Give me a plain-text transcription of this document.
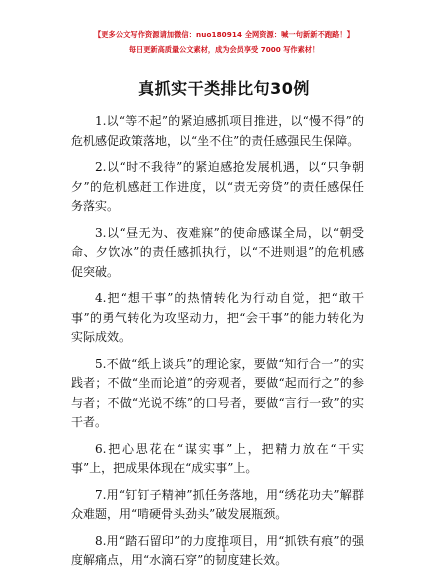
【更多公文写作资源请加微信：nuo180914 全网资源：喊一句新新不跑路！】
每日更新高质量公文素材，成为会员享受 7000 写作素材！
真抓实干类排比句30例

1.以“等不起”的紧迫感抓项目推进，以“慢不得”的危机感促政策落地，以“坐不住”的责任感强民生保障。

2.以“时不我待”的紧迫感抢发展机遇，以“只争朝夕”的危机感赶工作进度，以“责无旁贷”的责任感保任务落实。

3.以“昼无为、夜难寐”的使命感谋全局，以“朝受命、夕饮冰”的责任感抓执行，以“不进则退”的危机感促突破。

4.把“想干事”的热情转化为行动自觉，把“敢干事”的勇气转化为攻坚动力，把“会干事”的能力转化为实际成效。

5.不做“纸上谈兵”的理论家，要做“知行合一”的实践者；不做“坐而论道”的旁观者，要做“起而行之”的参与者；不做“光说不练”的口号者，要做“言行一致”的实干者。

6.把心思花在“谋实事”上，把精力放在“干实事”上，把成果体现在“成实事”上。

7.用“钉钉子精神”抓任务落地，用“绣花功夫”解群众难题，用“啃硬骨头劲头”破发展瓶颈。

8.用“踏石留印”的力度推项目，用“抓铁有痕”的强度解痛点，用“水滴石穿”的韧度建长效。

1
